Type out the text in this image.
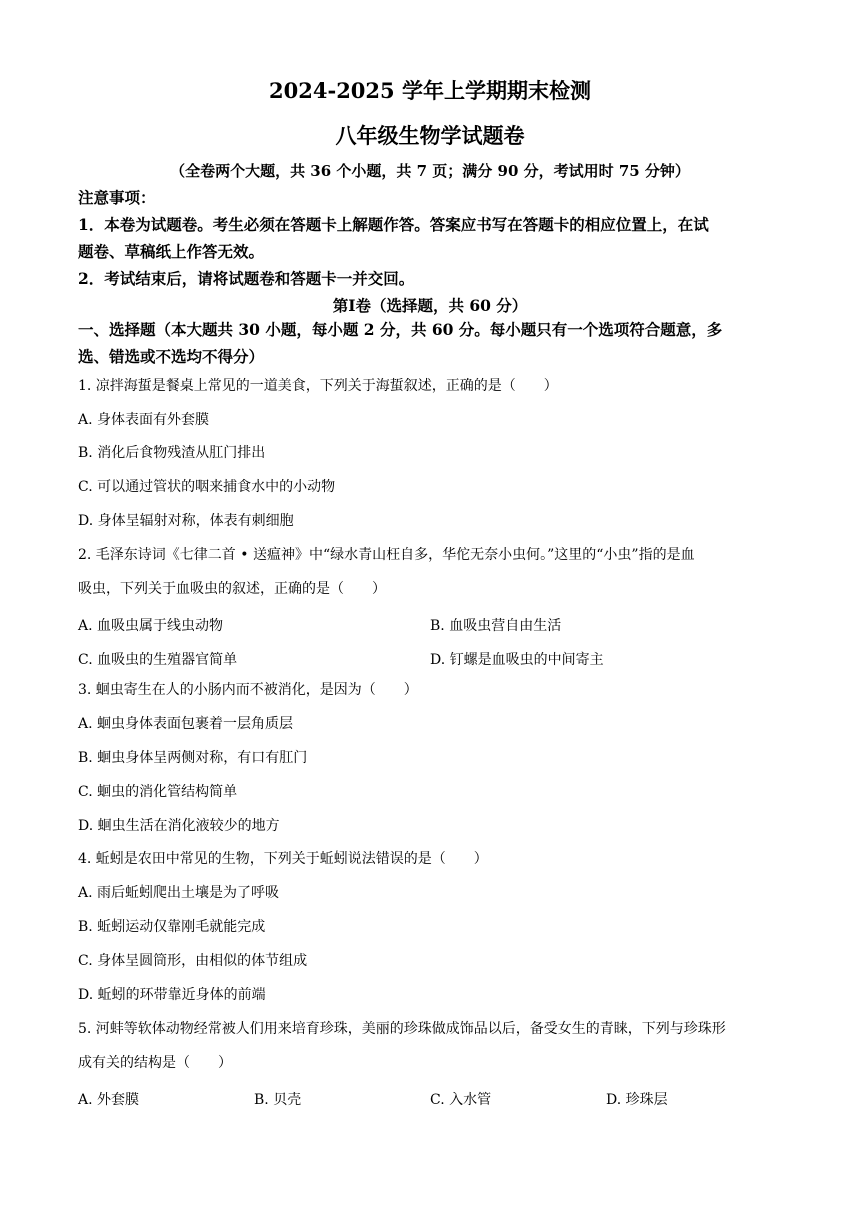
2024-2025 学年上学期期末检测
八年级生物学试题卷
（全卷两个大题，共 36 个小题，共 7 页；满分 90 分，考试用时 75 分钟）
注意事项：
1．本卷为试题卷。考生必须在答题卡上解题作答。答案应书写在答题卡的相应位置上，在试
题卷、草稿纸上作答无效。
2．考试结束后，请将试题卷和答题卡一并交回。
第Ⅰ卷（选择题，共 60 分）
一、选择题（本大题共 30 小题，每小题 2 分，共 60 分。每小题只有一个选项符合题意，多
选、错选或不选均不得分）
1. 凉拌海蜇是餐桌上常见的一道美食，下列关于海蜇叙述，正确的是（　　）
A. 身体表面有外套膜
B. 消化后食物残渣从肛门排出
C. 可以通过管状的咽来捕食水中的小动物
D. 身体呈辐射对称，体表有刺细胞
2. 毛泽东诗词《七律二首 • 送瘟神》中“绿水青山枉自多，华佗无奈小虫何。”这里的“小虫”指的是血
吸虫，下列关于血吸虫的叙述，正确的是（　　）
A. 血吸虫属于线虫动物	B. 血吸虫营自由生活
C. 血吸虫的生殖器官简单	D. 钉螺是血吸虫的中间寄主
3. 蛔虫寄生在人的小肠内而不被消化，是因为（　　）
A. 蛔虫身体表面包裹着一层角质层
B. 蛔虫身体呈两侧对称，有口有肛门
C. 蛔虫的消化管结构简单
D. 蛔虫生活在消化液较少的地方
4. 蚯蚓是农田中常见的生物，下列关于蚯蚓说法错误的是（　　）
A. 雨后蚯蚓爬出土壤是为了呼吸
B. 蚯蚓运动仅靠刚毛就能完成
C. 身体呈圆筒形，由相似的体节组成
D. 蚯蚓的环带靠近身体的前端
5. 河蚌等软体动物经常被人们用来培育珍珠，美丽的珍珠做成饰品以后，备受女生的青睐，下列与珍珠形
成有关的结构是（　　）
A. 外套膜	B. 贝壳	C. 入水管	D. 珍珠层
